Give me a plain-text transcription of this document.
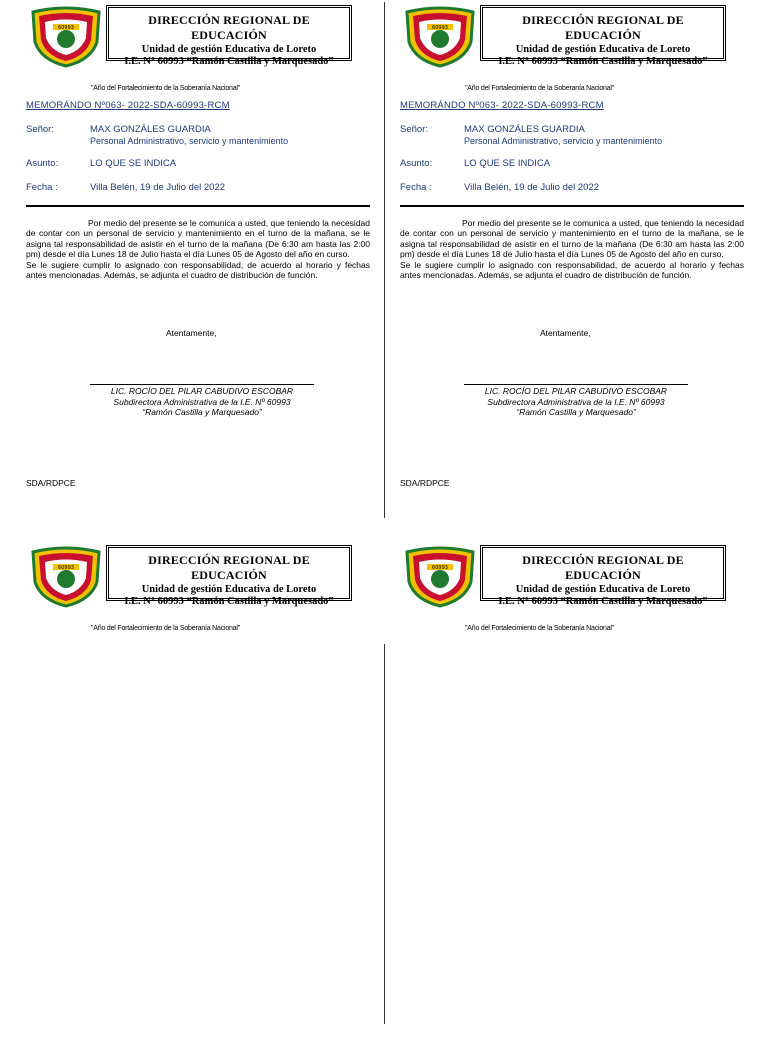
60993
DIRECCIÓN REGIONAL DE EDUCACIÓN
Unidad de gestión Educativa de Loreto
I.E. N° 60993 “Ramón Castilla y Marquesado”
"Año del Fortalecimiento de la Soberanía Nacional"
MEMORÁNDO Nº063- 2022-SDA-60993-RCM
Señor:	MAX GONZÁLES GUARDIA
Personal Administrativo, servicio y mantenimiento
Asunto:	LO QUE SE INDICA
Fecha :	Villa Belén, 19 de Julio del 2022

Por medio del presente se le comunica a usted, que teniendo la necesidad de contar con un personal de servicio y mantenimiento en el turno de la mañana, se le asigna tal responsabilidad de asistir en el turno de la mañana (De 6:30 am hasta las 2:00 pm) desde el día Lunes 18 de Julio hasta el día Lunes 05 de Agosto del año en curso.

Se le sugiere cumplir lo asignado con responsabilidad, de acuerdo al horario y fechas antes mencionadas. Además, se adjunta el cuadro de distribución de función.

Atentamente,
LIC. ROCÍO DEL PILAR CABUDIVO ESCOBAR
Subdirectora Administrativa de la I.E. Nº 60993
“Ramón Castilla y Marquesado”
SDA/RDPCE
60993
DIRECCIÓN REGIONAL DE EDUCACIÓN
Unidad de gestión Educativa de Loreto
I.E. N° 60993 “Ramón Castilla y Marquesado”
"Año del Fortalecimiento de la Soberanía Nacional"
MEMORÁNDO Nº063- 2022-SDA-60993-RCM
Señor:	MAX GONZÁLES GUARDIA
Personal Administrativo, servicio y mantenimiento
Asunto:	LO QUE SE INDICA
Fecha :	Villa Belén, 19 de Julio del 2022

Por medio del presente se le comunica a usted, que teniendo la necesidad de contar con un personal de servicio y mantenimiento en el turno de la mañana, se le asigna tal responsabilidad de asistir en el turno de la mañana (De 6:30 am hasta las 2:00 pm) desde el día Lunes 18 de Julio hasta el día Lunes 05 de Agosto del año en curso.

Se le sugiere cumplir lo asignado con responsabilidad, de acuerdo al horario y fechas antes mencionadas. Además, se adjunta el cuadro de distribución de función.

Atentamente,
LIC. ROCÍO DEL PILAR CABUDIVO ESCOBAR
Subdirectora Administrativa de la I.E. Nº 60993
“Ramón Castilla y Marquesado”
SDA/RDPCE
60993
DIRECCIÓN REGIONAL DE EDUCACIÓN
Unidad de gestión Educativa de Loreto
I.E. N° 60993 “Ramón Castilla y Marquesado”
"Año del Fortalecimiento de la Soberanía Nacional"
60993
DIRECCIÓN REGIONAL DE EDUCACIÓN
Unidad de gestión Educativa de Loreto
I.E. N° 60993 “Ramón Castilla y Marquesado”
"Año del Fortalecimiento de la Soberanía Nacional"
